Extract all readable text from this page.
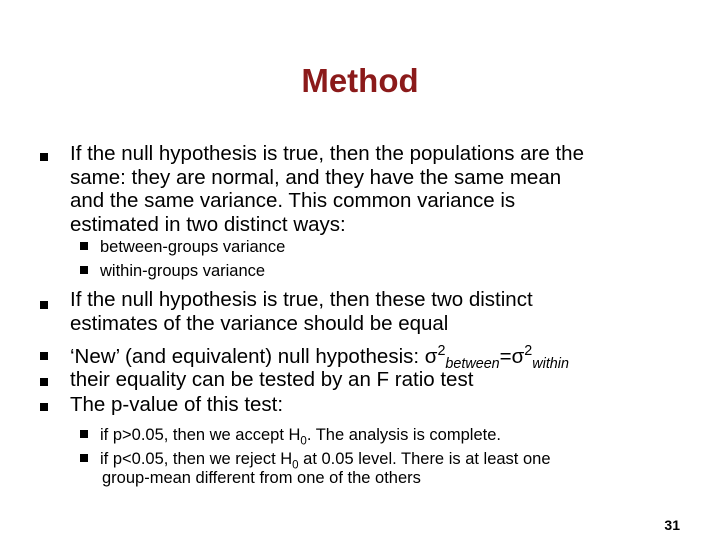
Method
If the null hypothesis is true, then the populations are the
same: they are normal, and they have the same mean
and the same variance. This common variance is
estimated in two distinct ways:
between-groups variance
within-groups variance
If the null hypothesis is true, then these two distinct
estimates of the variance should be equal
‘New’ (and equivalent) null hypothesis: $\sigma^2_{between}=\sigma^2_{within}$
their equality can be tested by an F ratio test
The p-value of this test:
if p>0.05, then we accept $H_0$. The analysis is complete.
if p<0.05, then we reject $H_0$ at 0.05 level. There is at least one
group-mean different from one of the others
31
